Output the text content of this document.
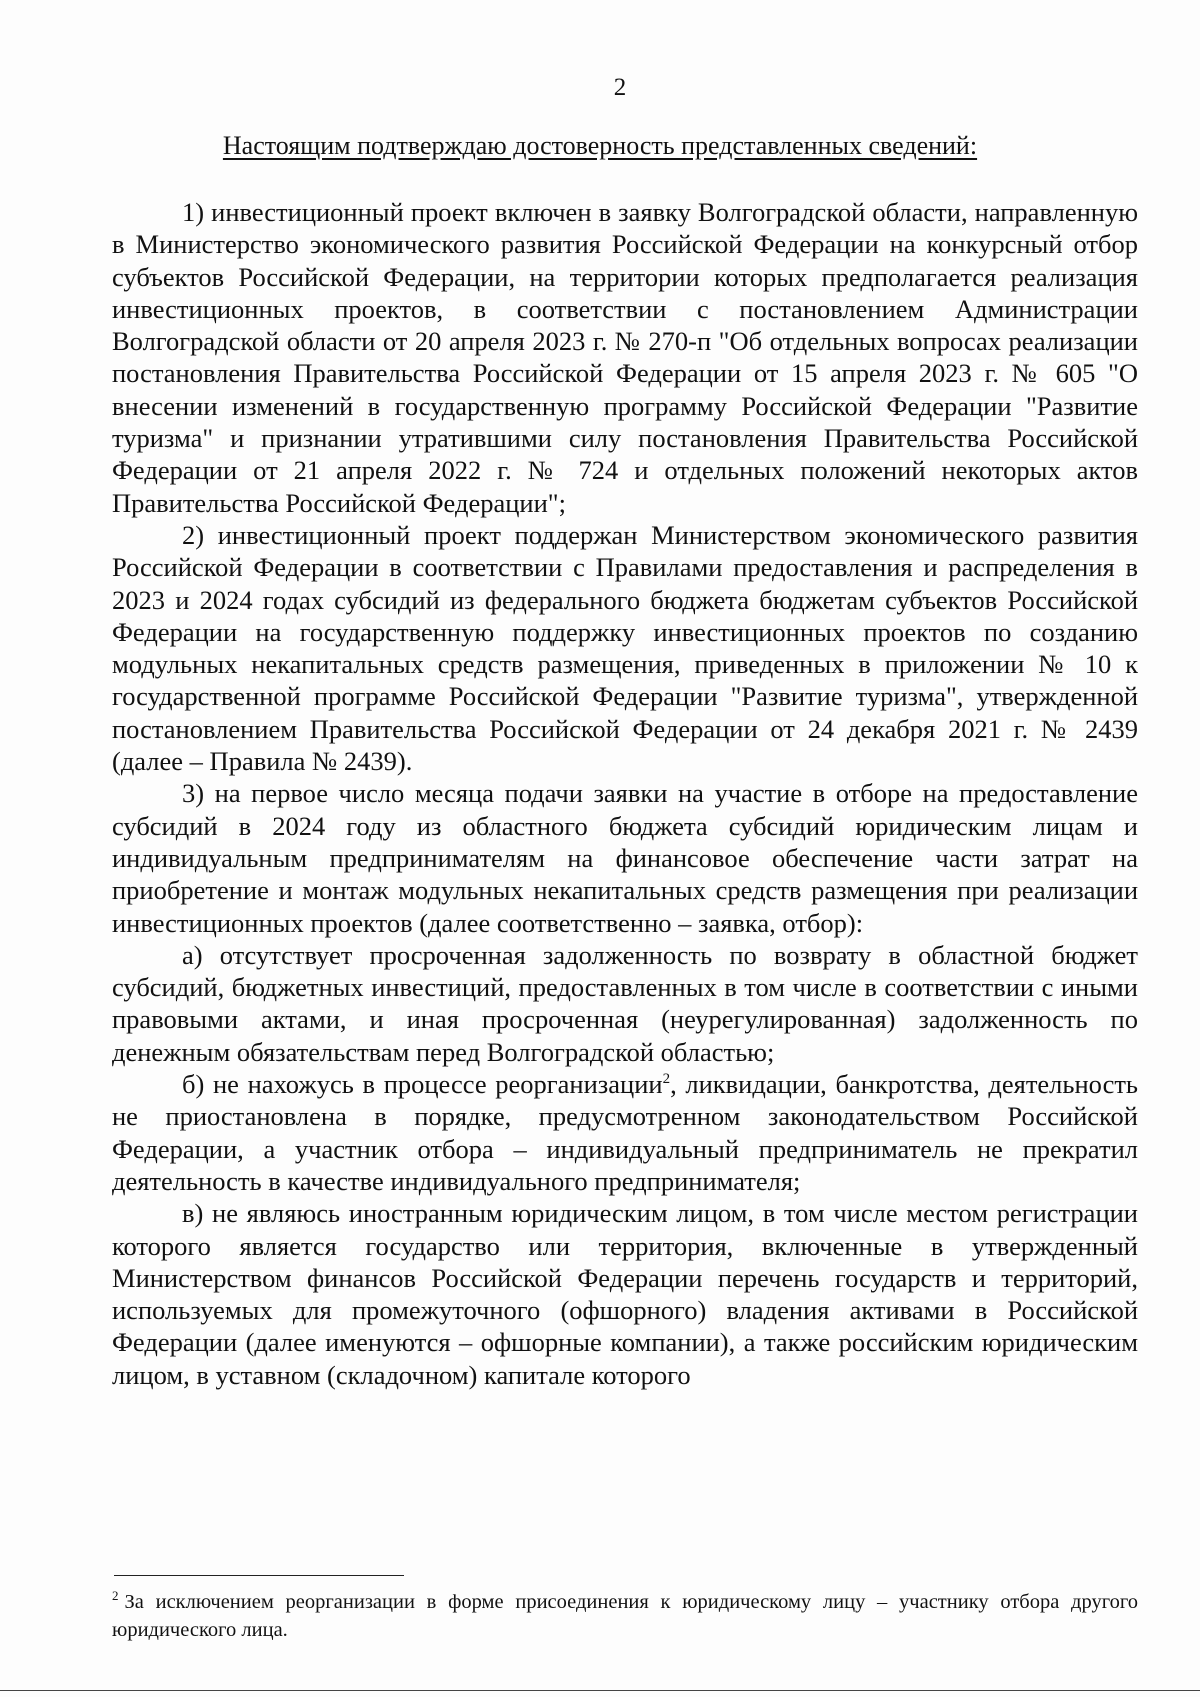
2
Настоящим подтверждаю достоверность представленных сведений:

1) инвестиционный проект включен в заявку Волгоградской области, направленную в Министерство экономического развития Российской Федерации на конкурсный отбор субъектов Российской Федерации, на территории которых предполагается реализация инвестиционных проектов, в соответствии с постановлением Администрации Волгоградской области от 20 апреля 2023 г. № 270-п "Об отдельных вопросах реализации постановления Правительства Российской Федерации от 15 апреля 2023 г. № 605 "О внесении изменений в государственную программу Российской Федерации "Развитие туризма" и признании утратившими силу постановления Правительства Российской Федерации от 21 апреля 2022 г. № 724 и отдельных положений некоторых актов Правительства Российской Федерации";

2) инвестиционный проект поддержан Министерством экономического развития Российской Федерации в соответствии с Правилами предоставления и распределения в 2023 и 2024 годах субсидий из федерального бюджета бюджетам субъектов Российской Федерации на государственную поддержку инвестиционных проектов по созданию модульных некапитальных средств размещения, приведенных в приложении № 10 к государственной программе Российской Федерации "Развитие туризма", утвержденной постановлением Правительства Российской Федерации от 24 декабря 2021 г. № 2439 (далее – Правила № 2439).

3) на первое число месяца подачи заявки на участие в отборе на предоставление субсидий в 2024 году из областного бюджета субсидий юридическим лицам и индивидуальным предпринимателям на финансовое обеспечение части затрат на приобретение и монтаж модульных некапитальных средств размещения при реализации инвестиционных проектов (далее соответственно – заявка, отбор):

а) отсутствует просроченная задолженность по возврату в областной бюджет субсидий, бюджетных инвестиций, предоставленных в том числе в соответствии с иными правовыми актами, и иная просроченная (неурегулированная) задолженность по денежным обязательствам перед Волгоградской областью;

б) не нахожусь в процессе реорганизации$^2$, ликвидации, банкротства, деятельность не приостановлена в порядке, предусмотренном законодательством Российской Федерации, а участник отбора – индивидуальный предприниматель не прекратил деятельность в качестве индивидуального предпринимателя;

в) не являюсь иностранным юридическим лицом, в том числе местом регистрации которого является государство или территория, включенные в утвержденный Министерством финансов Российской Федерации перечень государств и территорий, используемых для промежуточного (офшорного) владения активами в Российской Федерации (далее именуются – офшорные компании), а также российским юридическим лицом, в уставном (складочном) капитале которого

$^2$ За исключением реорганизации в форме присоединения к юридическому лицу – участнику отбора другого юридического лица.
